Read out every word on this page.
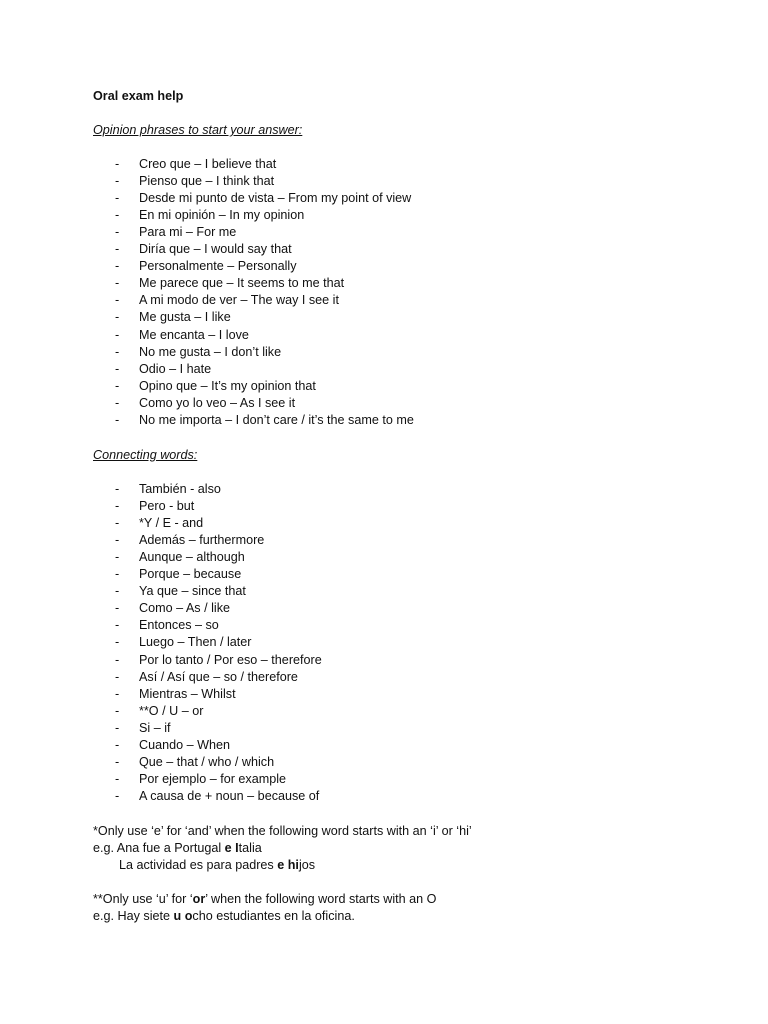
Oral exam help
Opinion phrases to start your answer:
- Creo que – I believe that
- Pienso que – I think that
- Desde mi punto de vista – From my point of view
- En mi opinión – In my opinion
- Para mi – For me
- Diría que – I would say that
- Personalmente – Personally
- Me parece que – It seems to me that
- A mi modo de ver – The way I see it
- Me gusta – I like
- Me encanta – I love
- No me gusta – I don’t like
- Odio – I hate
- Opino que – It’s my opinion that
- Como yo lo veo – As I see it
- No me importa – I don’t care / it’s the same to me
Connecting words:
- También - also
- Pero - but
- *Y / E - and
- Además – furthermore
- Aunque – although
- Porque – because
- Ya que – since that
- Como – As / like
- Entonces – so
- Luego – Then / later
- Por lo tanto / Por eso – therefore
- Así / Así que – so / therefore
- Mientras – Whilst
- **O / U – or
- Si – if
- Cuando – When
- Que – that / who / which
- Por ejemplo – for example
- A causa de + noun – because of
*Only use ‘e’ for ‘and’ when the following word starts with an ‘i’ or ‘hi’
e.g. Ana fue a Portugal e Italia
La actividad es para padres e hijos
**Only use ‘u’ for ‘or’ when the following word starts with an O
e.g. Hay siete u ocho estudiantes en la oficina.
